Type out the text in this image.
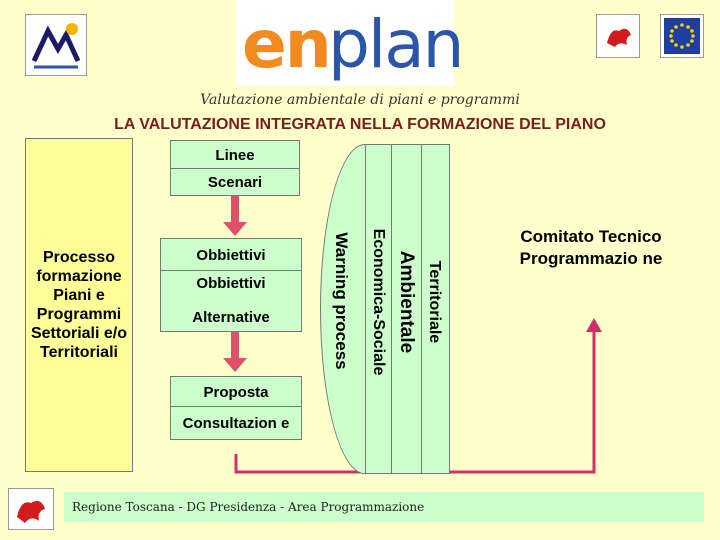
en
plan
Valutazione ambientale di piani e programmi
LA VALUTAZIONE INTEGRATA NELLA FORMAZIONE DEL PIANO
Processo formazione Piani e Programmi Settoriali e/o Territoriali
Linee
Scenari
Obbiettivi
Obbiettivi
Alternative
Proposta
Consultazion e
Territoriale
Ambientale
Economica-Sociale
Warning process	Comitato Tecnico Programmazio ne
Regione Toscana - DG Presidenza - Area Programmazione
